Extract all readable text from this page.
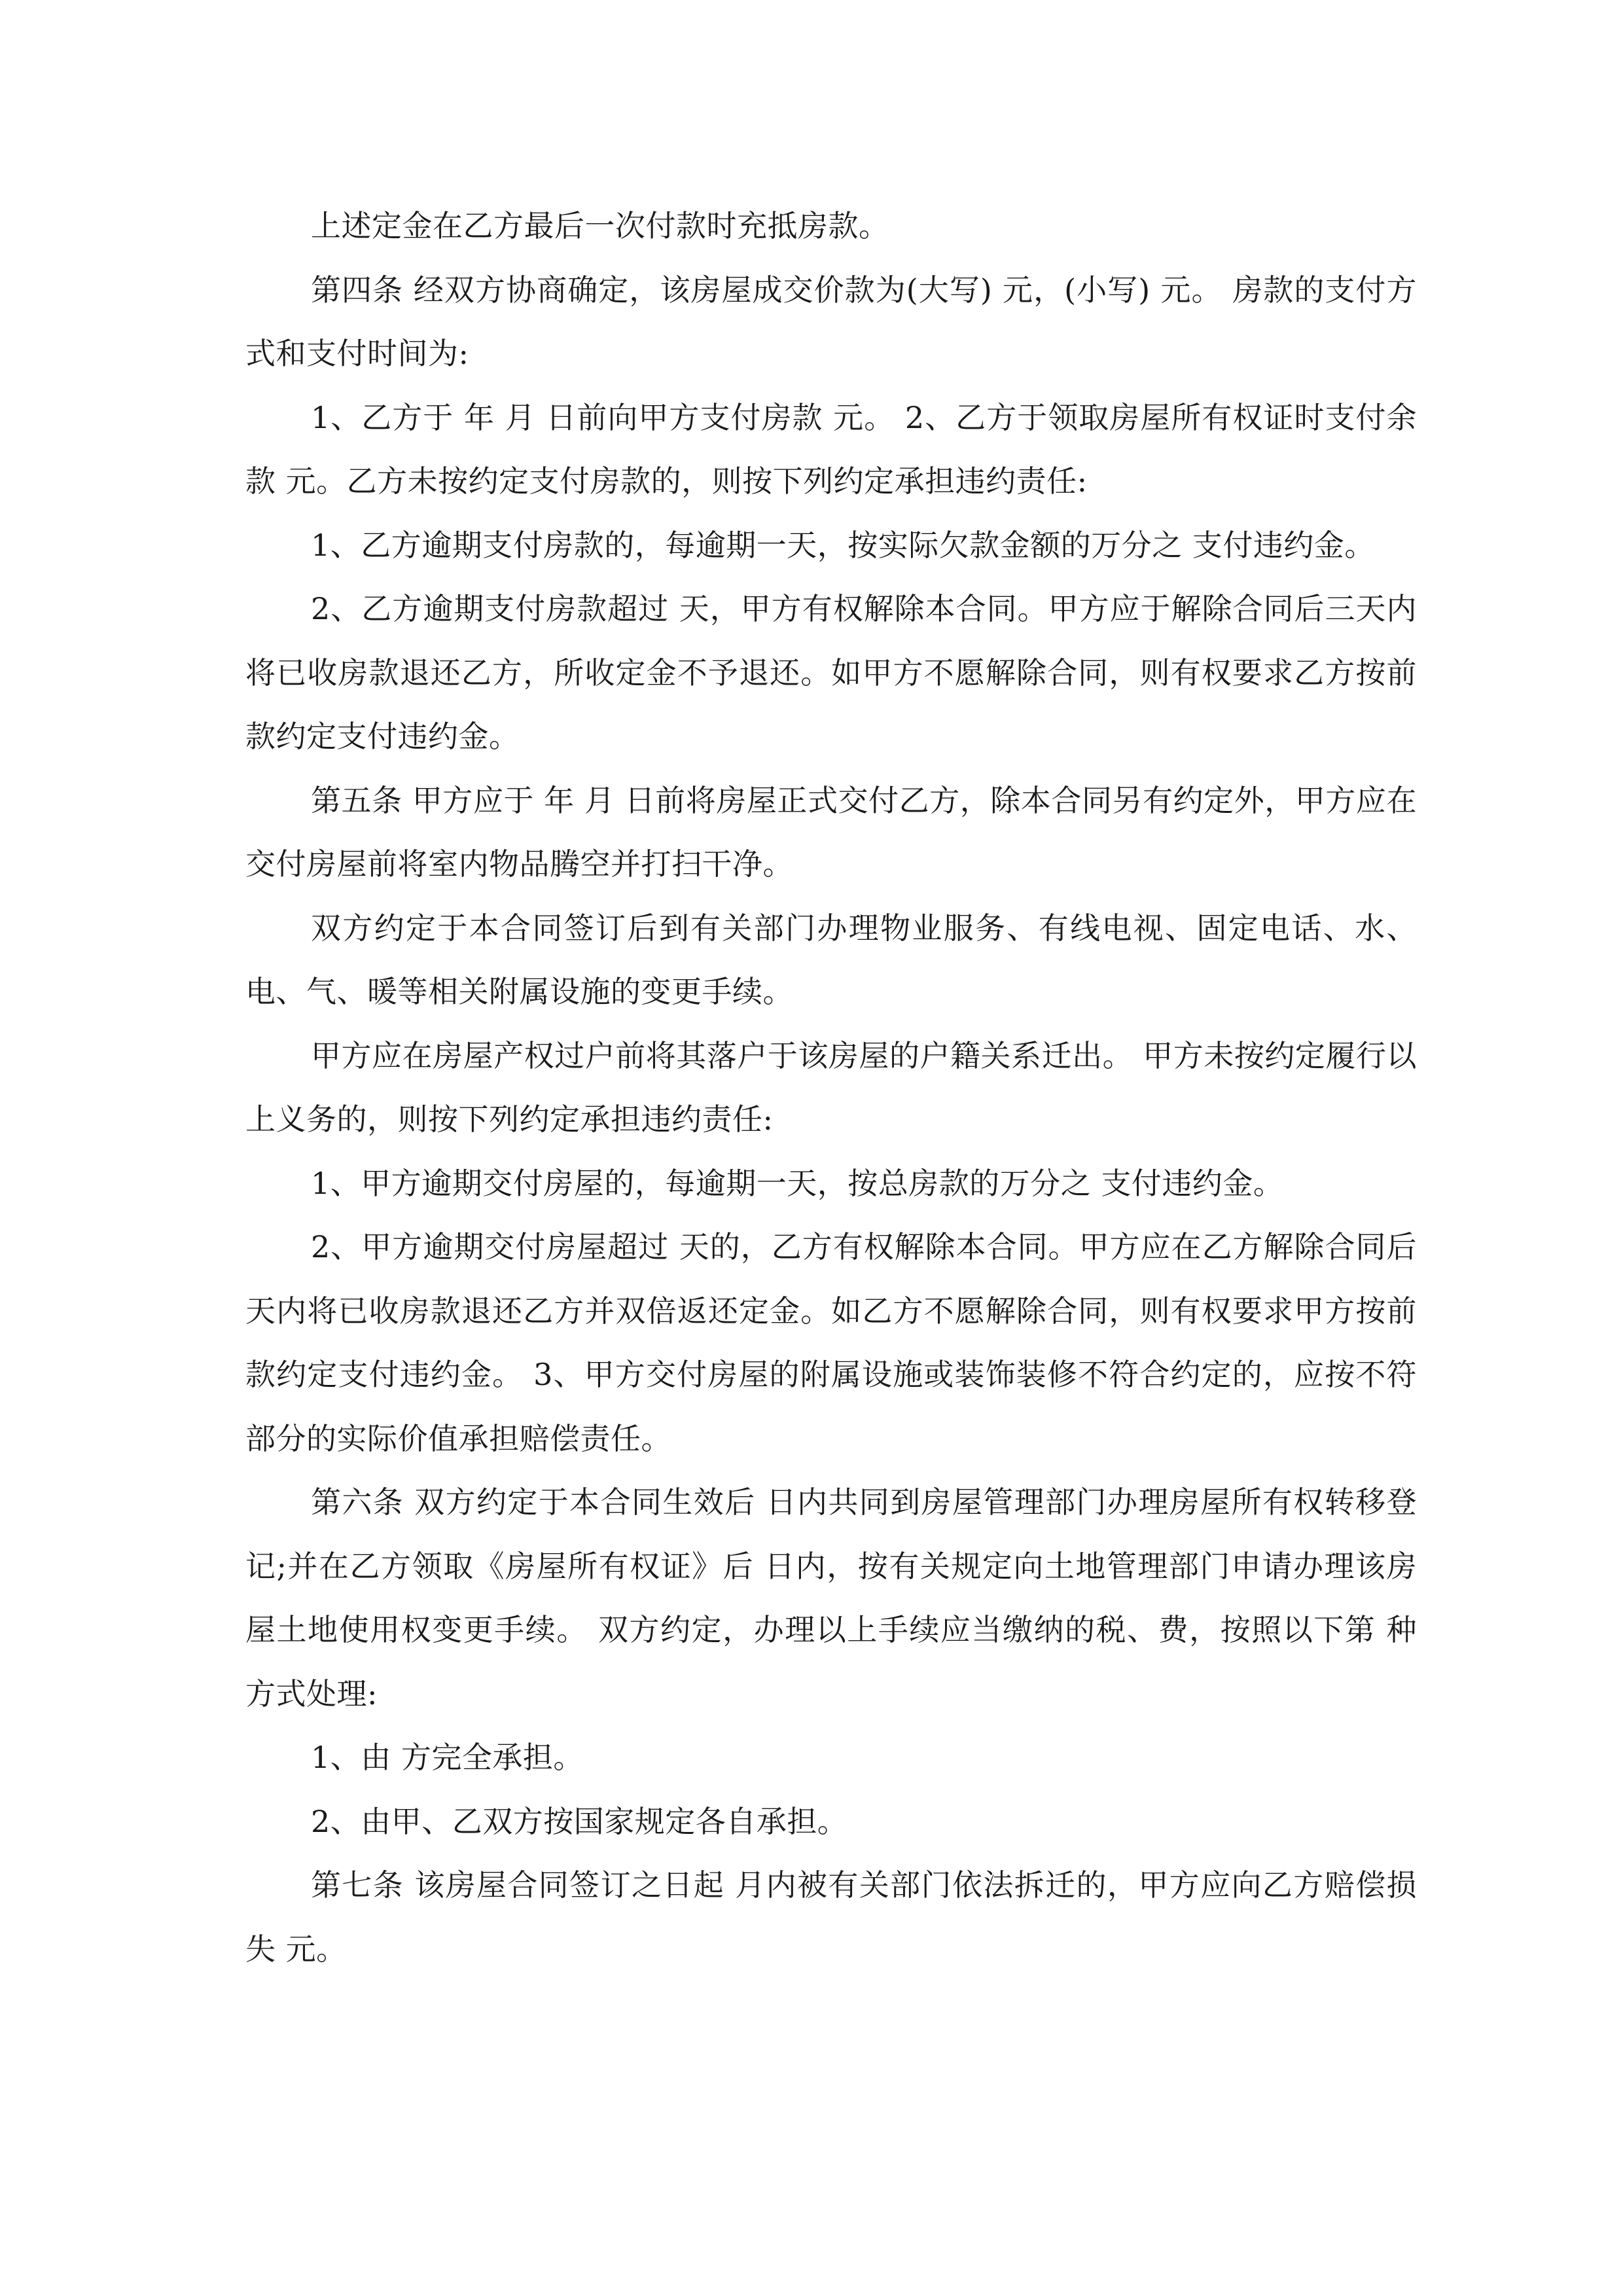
上述定金在乙方最后一次付款时充抵房款。

第四条 经双方协商确定，该房屋成交价款为(大写) 元，(小写) 元。 房款的支付方式和支付时间为:

1、乙方于 年 月 日前向甲方支付房款 元。 2、乙方于领取房屋所有权证时支付余款 元。乙方未按约定支付房款的，则按下列约定承担违约责任:

1、乙方逾期支付房款的，每逾期一天，按实际欠款金额的万分之 支付违约金。

2、乙方逾期支付房款超过 天，甲方有权解除本合同。甲方应于解除合同后三天内将已收房款退还乙方，所收定金不予退还。如甲方不愿解除合同，则有权要求乙方按前款约定支付违约金。

第五条 甲方应于 年 月 日前将房屋正式交付乙方，除本合同另有约定外，甲方应在交付房屋前将室内物品腾空并打扫干净。

双方约定于本合同签订后到有关部门办理物业服务、有线电视、固定电话、水、电、气、暖等相关附属设施的变更手续。

甲方应在房屋产权过户前将其落户于该房屋的户籍关系迁出。 甲方未按约定履行以上义务的，则按下列约定承担违约责任:

1、甲方逾期交付房屋的，每逾期一天，按总房款的万分之 支付违约金。

2、甲方逾期交付房屋超过 天的，乙方有权解除本合同。甲方应在乙方解除合同后 天内将已收房款退还乙方并双倍返还定金。如乙方不愿解除合同，则有权要求甲方按前款约定支付违约金。 3、甲方交付房屋的附属设施或装饰装修不符合约定的，应按不符部分的实际价值承担赔偿责任。

第六条 双方约定于本合同生效后 日内共同到房屋管理部门办理房屋所有权转移登记;并在乙方领取《房屋所有权证》后 日内，按有关规定向土地管理部门申请办理该房屋土地使用权变更手续。 双方约定，办理以上手续应当缴纳的税、费，按照以下第 种方式处理:

1、由 方完全承担。

2、由甲、乙双方按国家规定各自承担。

第七条 该房屋合同签订之日起 月内被有关部门依法拆迁的，甲方应向乙方赔偿损失 元。
